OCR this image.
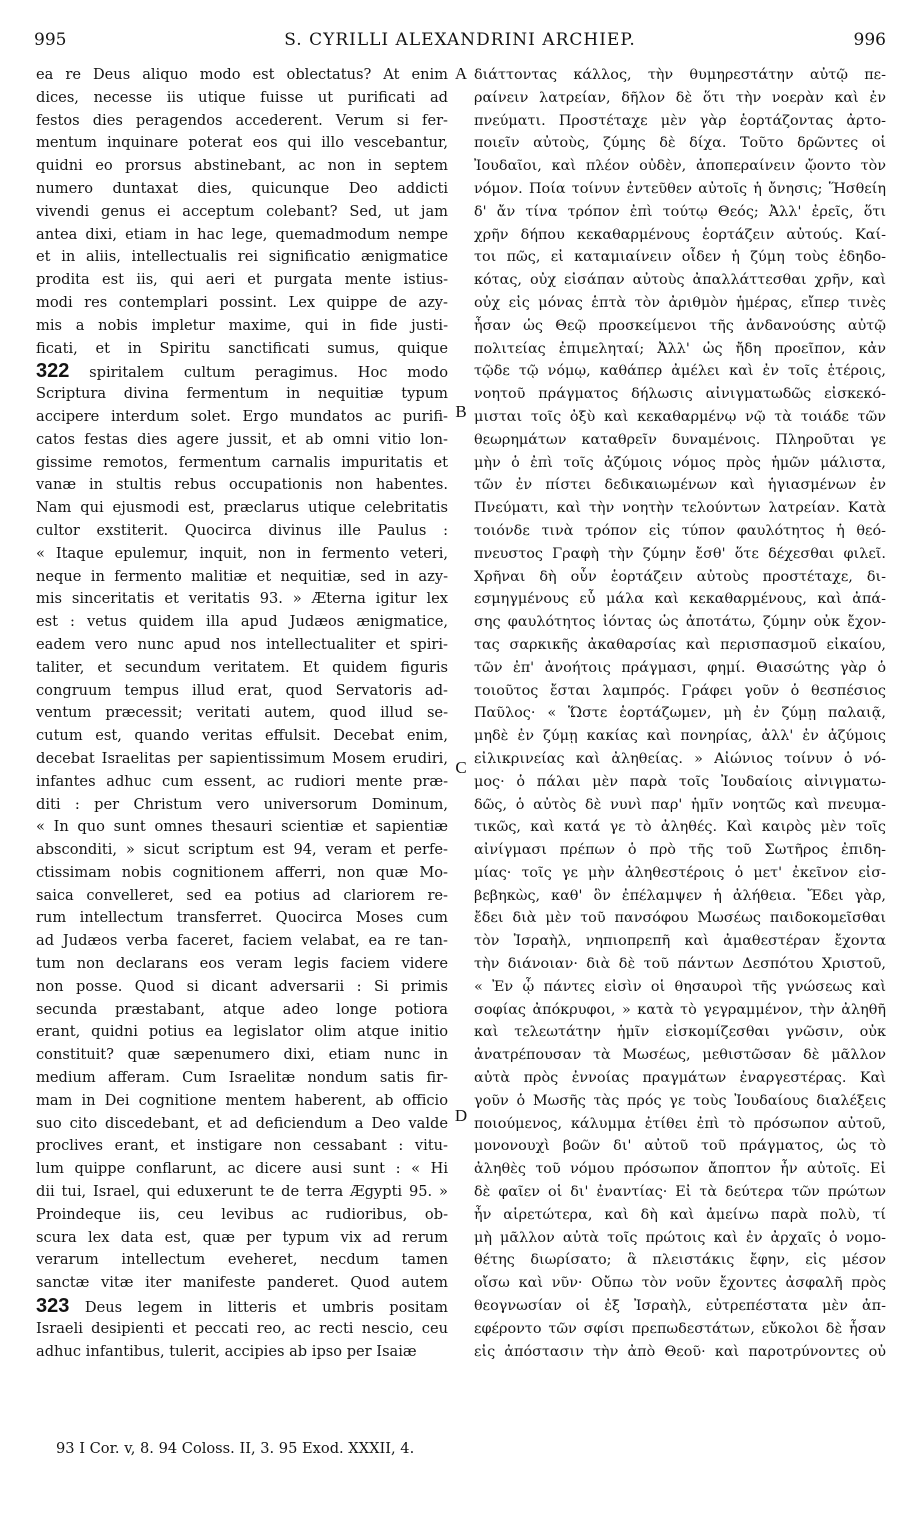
995	S. CYRILLI ALEXANDRINI ARCHIEP.	996
ea re Deus aliquo modo est oblectatus? At enim
dices, necesse iis utique fuisse ut purificati ad
festos dies peragendos accederent. Verum si fer-
mentum inquinare poterat eos qui illo vescebantur,
quidni eo prorsus abstinebant, ac non in septem
numero duntaxat dies, quicunque Deo addicti
vivendi genus ei acceptum colebant? Sed, ut jam
antea dixi, etiam in hac lege, quemadmodum nempe
et in aliis, intellectualis rei significatio ænigmatice
prodita est iis, qui aeri et purgata mente istius-
modi res contemplari possint. Lex quippe de azy-
mis a nobis impletur maxime, qui in fide justi-
ficati, et in Spiritu sanctificati sumus, quique
322 spiritalem cultum peragimus. Hoc modo
Scriptura divina fermentum in nequitiæ typum
accipere interdum solet. Ergo mundatos ac purifi-
catos festas dies agere jussit, et ab omni vitio lon-
gissime remotos, fermentum carnalis impuritatis et
vanæ in stultis rebus occupationis non habentes.
Nam qui ejusmodi est, præclarus utique celebritatis
cultor exstiterit. Quocirca divinus ille Paulus :
« Itaque epulemur, inquit, non in fermento veteri,
neque in fermento malitiæ et nequitiæ, sed in azy-
mis sinceritatis et veritatis 93. » Æterna igitur lex
est : vetus quidem illa apud Judæos ænigmatice,
eadem vero nunc apud nos intellectualiter et spiri-
taliter, et secundum veritatem. Et quidem figuris
congruum tempus illud erat, quod Servatoris ad-
ventum præcessit; veritati autem, quod illud se-
cutum est, quando veritas effulsit. Decebat enim,
decebat Israelitas per sapientissimum Mosem erudiri,
infantes adhuc cum essent, ac rudiori mente præ-
diti : per Christum vero universorum Dominum,
« In quo sunt omnes thesauri scientiæ et sapientiæ
absconditi, » sicut scriptum est 94, veram et perfe-
ctissimam nobis cognitionem afferri, non quæ Mo-
saica convelleret, sed ea potius ad clariorem re-
rum intellectum transferret. Quocirca Moses cum
ad Judæos verba faceret, faciem velabat, ea re tan-
tum non declarans eos veram legis faciem videre
non posse. Quod si dicant adversarii : Si primis
secunda præstabant, atque adeo longe potiora
erant, quidni potius ea legislator olim atque initio
constituit? quæ sæpenumero dixi, etiam nunc in
medium afferam. Cum Israelitæ nondum satis fir-
mam in Dei cognitione mentem haberent, ab officio
suo cito discedebant, et ad deficiendum a Deo valde
proclives erant, et instigare non cessabant : vitu-
lum quippe conflarunt, ac dicere ausi sunt : « Hi
dii tui, Israel, qui eduxerunt te de terra Ægypti 95. »
Proindeque iis, ceu levibus ac rudioribus, ob-
scura lex data est, quæ per typum vix ad rerum
verarum intellectum eveheret, necdum tamen
sanctæ vitæ iter manifeste panderet. Quod autem
323 Deus legem in litteris et umbris positam
Israeli desipienti et peccati reo, ac recti nescio, ceu
adhuc infantibus, tulerit, accipies ab ipso per Isaiæ
A
B
C
D
διάττοντας κάλλος, τὴν θυμηρεστάτην αὐτῷ πε-
ραίνειν λατρείαν, δῆλον δὲ ὅτι τὴν νοερὰν καὶ ἐν
πνεύματι. Προστέταχε μὲν γὰρ ἑορτάζοντας ἀρτο-
ποιεῖν αὐτοὺς, ζύμης δὲ δίχα. Τοῦτο δρῶντες οἱ
Ἰουδαῖοι, καὶ πλέον οὐδὲν, ἀποπεραίνειν ᾤοντο τὸν
νόμον. Ποία τοίνυν ἐντεῦθεν αὐτοῖς ἡ ὄνησις; Ἥσθείη
δ' ἄν τίνα τρόπον ἐπὶ τούτῳ Θεός; Ἀλλ' ἐρεῖς, ὅτι
χρῆν δήπου κεκαθαρμένους ἑορτάζειν αὐτούς. Καί-
τοι πῶς, εἰ καταμιαίνειν οἶδεν ἡ ζύμη τοὺς ἐδηδο-
κότας, οὐχ εἰσάπαν αὐτοὺς ἀπαλλάττεσθαι χρῆν, καὶ
οὐχ εἰς μόνας ἑπτὰ τὸν ἀριθμὸν ἡμέρας, εἴπερ τινὲς
ἦσαν ὡς Θεῷ προσκείμενοι τῆς ἀνδανούσης αὐτῷ
πολιτείας ἐπιμεληταί; Ἀλλ' ὡς ἤδη προεῖπον, κἀν
τῷδε τῷ νόμῳ, καθάπερ ἀμέλει καὶ ἐν τοῖς ἑτέροις,
νοητοῦ πράγματος δήλωσις αἰνιγματωδῶς εἰσκεκό-
μισται τοῖς ὀξὺ καὶ κεκαθαρμένῳ νῷ τὰ τοιάδε τῶν
θεωρημάτων καταθρεῖν δυναμένοις. Πληροῦται γε
μὴν ὁ ἐπὶ τοῖς ἀζύμοις νόμος πρὸς ἡμῶν μάλιστα,
τῶν ἐν πίστει δεδικαιωμένων καὶ ἡγιασμένων ἐν
Πνεύματι, καὶ τὴν νοητὴν τελούντων λατρείαν. Κατὰ
τοιόνδε τινὰ τρόπον εἰς τύπον φαυλότητος ἡ θεό-
πνευστος Γραφὴ τὴν ζύμην ἔσθ' ὅτε δέχεσθαι φιλεῖ.
Χρῆναι δὴ οὖν ἑορτάζειν αὐτοὺς προστέταχε, δι-
εσμηγμένους εὖ μάλα καὶ κεκαθαρμένους, καὶ ἀπά-
σης φαυλότητος ἰόντας ὡς ἀποτάτω, ζύμην οὐκ ἔχον-
τας σαρκικῆς ἀκαθαρσίας καὶ περισπασμοῦ εἰκαίου,
τῶν ἐπ' ἀνοήτοις πράγμασι, φημί. Θιασώτης γὰρ ὁ
τοιοῦτος ἔσται λαμπρός. Γράφει γοῦν ὁ θεσπέσιος
Παῦλος· « Ὥστε ἑορτάζωμεν, μὴ ἐν ζύμῃ παλαιᾷ,
μηδὲ ἐν ζύμῃ κακίας καὶ πονηρίας, ἀλλ' ἐν ἀζύμοις
εἰλικρινείας καὶ ἀληθείας. » Αἰώνιος τοίνυν ὁ νό-
μος· ὁ πάλαι μὲν παρὰ τοῖς Ἰουδαίοις αἰνιγματω-
δῶς, ὁ αὐτὸς δὲ νυνὶ παρ' ἡμῖν νοητῶς καὶ πνευμα-
τικῶς, καὶ κατά γε τὸ ἀληθές. Καὶ καιρὸς μὲν τοῖς
αἰνίγμασι πρέπων ὁ πρὸ τῆς τοῦ Σωτῆρος ἐπιδη-
μίας· τοῖς γε μὴν ἀληθεστέροις ὁ μετ' ἐκεῖνον εἰσ-
βεβηκὼς, καθ' ὃν ἐπέλαμψεν ἡ ἀλήθεια. Ἔδει γὰρ,
ἔδει διὰ μὲν τοῦ πανσόφου Μωσέως παιδοκομεῖσθαι
τὸν Ἰσραὴλ, νηπιοπρεπῆ καὶ ἀμαθεστέραν ἔχοντα
τὴν διάνοιαν· διὰ δὲ τοῦ πάντων Δεσπότου Χριστοῦ,
« Ἐν ᾧ πάντες εἰσὶν οἱ θησαυροὶ τῆς γνώσεως καὶ
σοφίας ἀπόκρυφοι, » κατὰ τὸ γεγραμμένον, τὴν ἀληθῆ
καὶ τελεωτάτην ἡμῖν εἰσκομίζεσθαι γνῶσιν, οὐκ
ἀνατρέπουσαν τὰ Μωσέως, μεθιστῶσαν δὲ μᾶλλον
αὐτὰ πρὸς ἐννοίας πραγμάτων ἐναργεστέρας. Καὶ
γοῦν ὁ Μωσῆς τὰς πρός γε τοὺς Ἰουδαίους διαλέξεις
ποιούμενος, κάλυμμα ἐτίθει ἐπὶ τὸ πρόσωπον αὐτοῦ,
μονονουχὶ βοῶν δι' αὐτοῦ τοῦ πράγματος, ὡς τὸ
ἀληθὲς τοῦ νόμου πρόσωπον ἄποπτον ἦν αὐτοῖς. Εἰ
δὲ φαῖεν οἱ δι' ἐναντίας· Εἰ τὰ δεύτερα τῶν πρώτων
ἦν αἱρετώτερα, καὶ δὴ καὶ ἀμείνω παρὰ πολὺ, τί
μὴ μᾶλλον αὐτὰ τοῖς πρώτοις καὶ ἐν ἀρχαῖς ὁ νομο-
θέτης διωρίσατο; ἃ πλειστάκις ἔφην, εἰς μέσον
οἴσω καὶ νῦν· Οὔπω τὸν νοῦν ἔχοντες ἀσφαλῆ πρὸς
θεογνωσίαν οἱ ἐξ Ἰσραὴλ, εὐτρεπέστατα μὲν ἀπ-
εφέροντο τῶν σφίσι πρεπωδεστάτων, εὔκολοι δὲ ἦσαν
εἰς ἀπόστασιν τὴν ἀπὸ Θεοῦ· καὶ παροτρύνοντες οὐ
93 I Cor. v, 8. 94 Coloss. II, 3. 95 Exod. XXXII, 4.
